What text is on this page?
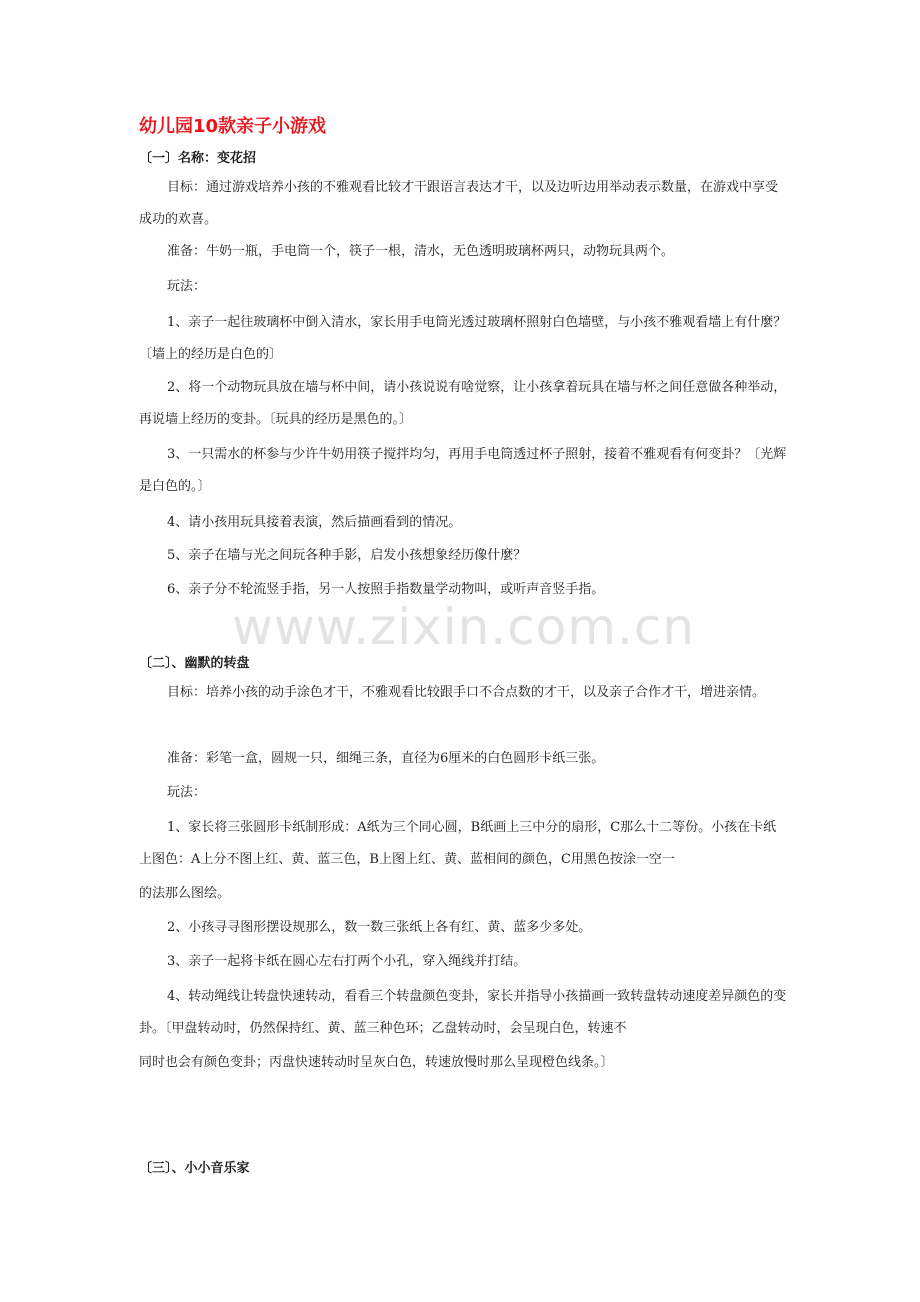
幼儿园10款亲子小游戏
〔一〕名称：变花招

目标：通过游戏培养小孩的不雅观看比较才干跟语言表达才干，以及边听边用举动表示数量，在游戏中享受成功的欢喜。

准备：牛奶一瓶，手电筒一个，筷子一根，清水，无色透明玻璃杯两只，动物玩具两个。

玩法：

1、亲子一起往玻璃杯中倒入清水，家长用手电筒光透过玻璃杯照射白色墙壁，与小孩不雅观看墙上有什麼？〔墙上的经历是白色的〕

2、将一个动物玩具放在墙与杯中间，请小孩说说有啥觉察，让小孩拿着玩具在墙与杯之间任意做各种举动，再说墙上经历的变卦。〔玩具的经历是黑色的。〕

3、一只需水的杯参与少许牛奶用筷子搅拌均匀，再用手电筒透过杯子照射，接着不雅观看有何变卦？〔光辉是白色的。〕

4、请小孩用玩具接着表演，然后描画看到的情况。

5、亲子在墙与光之间玩各种手影，启发小孩想象经历像什麼？

6、亲子分不轮流竖手指，另一人按照手指数量学动物叫，或听声音竖手指。

www.zixin.com.cn
〔二〕、幽默的转盘

目标：培养小孩的动手涂色才干，不雅观看比较跟手口不合点数的才干，以及亲子合作才干，增进亲情。

准备：彩笔一盒，圆规一只，细绳三条，直径为6厘米的白色圆形卡纸三张。

玩法：

1、家长将三张圆形卡纸制形成：A纸为三个同心圆，B纸画上三中分的扇形，C那么十二等份。小孩在卡纸上图色：A上分不图上红、黄、蓝三色，B上图上红、黄、蓝相间的颜色，C用黑色按涂一空一

的法那么图绘。

2、小孩寻寻图形摆设规那么，数一数三张纸上各有红、黄、蓝多少多处。

3、亲子一起将卡纸在圆心左右打两个小孔，穿入绳线并打结。

4、转动绳线让转盘快速转动，看看三个转盘颜色变卦，家长并指导小孩描画一致转盘转动速度差异颜色的变卦。〔甲盘转动时，仍然保持红、黄、蓝三种色环；乙盘转动时，会呈现白色，转速不

同时也会有颜色变卦；丙盘快速转动时呈灰白色，转速放慢时那么呈现橙色线条。〕

〔三〕、小小音乐家
